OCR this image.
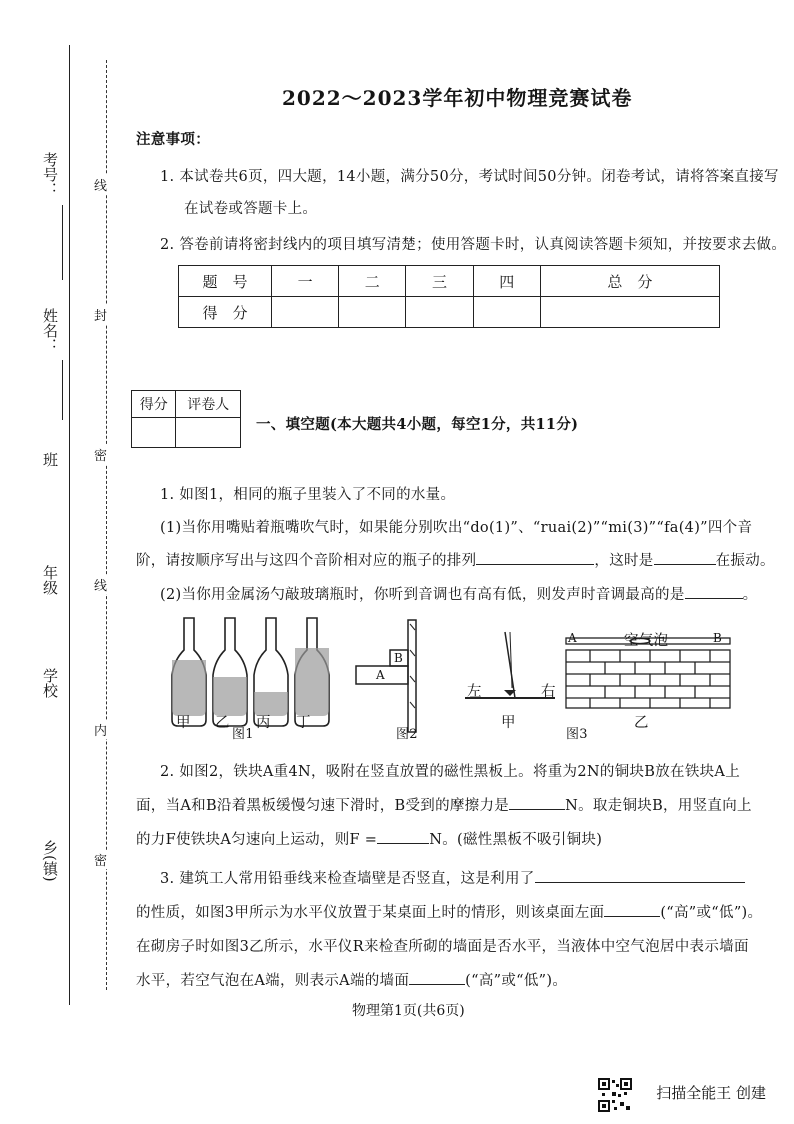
考号：
姓名：
班
年级
学校
乡(镇)
线
封
密
线
内
密
2022～2023学年初中物理竞赛试卷
注意事项：
1. 本试卷共6页，四大题，14小题，满分50分，考试时间50分钟。闭卷考试，请将答案直接写
在试卷或答题卡上。
2. 答卷前请将密封线内的项目填写清楚；使用答题卡时，认真阅读答题卡须知，并按要求去做。
题　号	一	二	三	四	总　分
得　分					
得分	评卷人

一、填空题(本大题共4小题，每空1分，共11分)
1. 如图1，相同的瓶子里装入了不同的水量。
(1)当你用嘴贴着瓶嘴吹气时，如果能分别吹出“do(1)”、“ruai(2)”“mi(3)”“fa(4)”四个音
阶，请按顺序写出与这四个音阶相对应的瓶子的排列	，这时是	在振动。
(2)当你用金属汤勺敲玻璃瓶时，你听到音调也有高有低，则发声时音调最高的是	。
甲 乙 丙 丁
图1
A
B
图2
左	右
甲
图3
A	B
空气泡
乙
2. 如图2，铁块A重4N，吸附在竖直放置的磁性黑板上。将重为2N的铜块B放在铁块A上
面，当A和B沿着黑板缓慢匀速下滑时，B受到的摩擦力是	N。取走铜块B，用竖直向上
的力F使铁块A匀速向上运动，则F =	N。(磁性黑板不吸引铜块)
3. 建筑工人常用铅垂线来检查墙壁是否竖直，这是利用了
的性质，如图3甲所示为水平仪放置于某桌面上时的情形，则该桌面左面	(“高”或“低”)。
在砌房子时如图3乙所示，水平仪R来检查所砌的墙面是否水平，当液体中空气泡居中表示墙面
水平，若空气泡在A端，则表示A端的墙面	(“高”或“低”)。
物理第1页(共6页)
扫描全能王 创建
